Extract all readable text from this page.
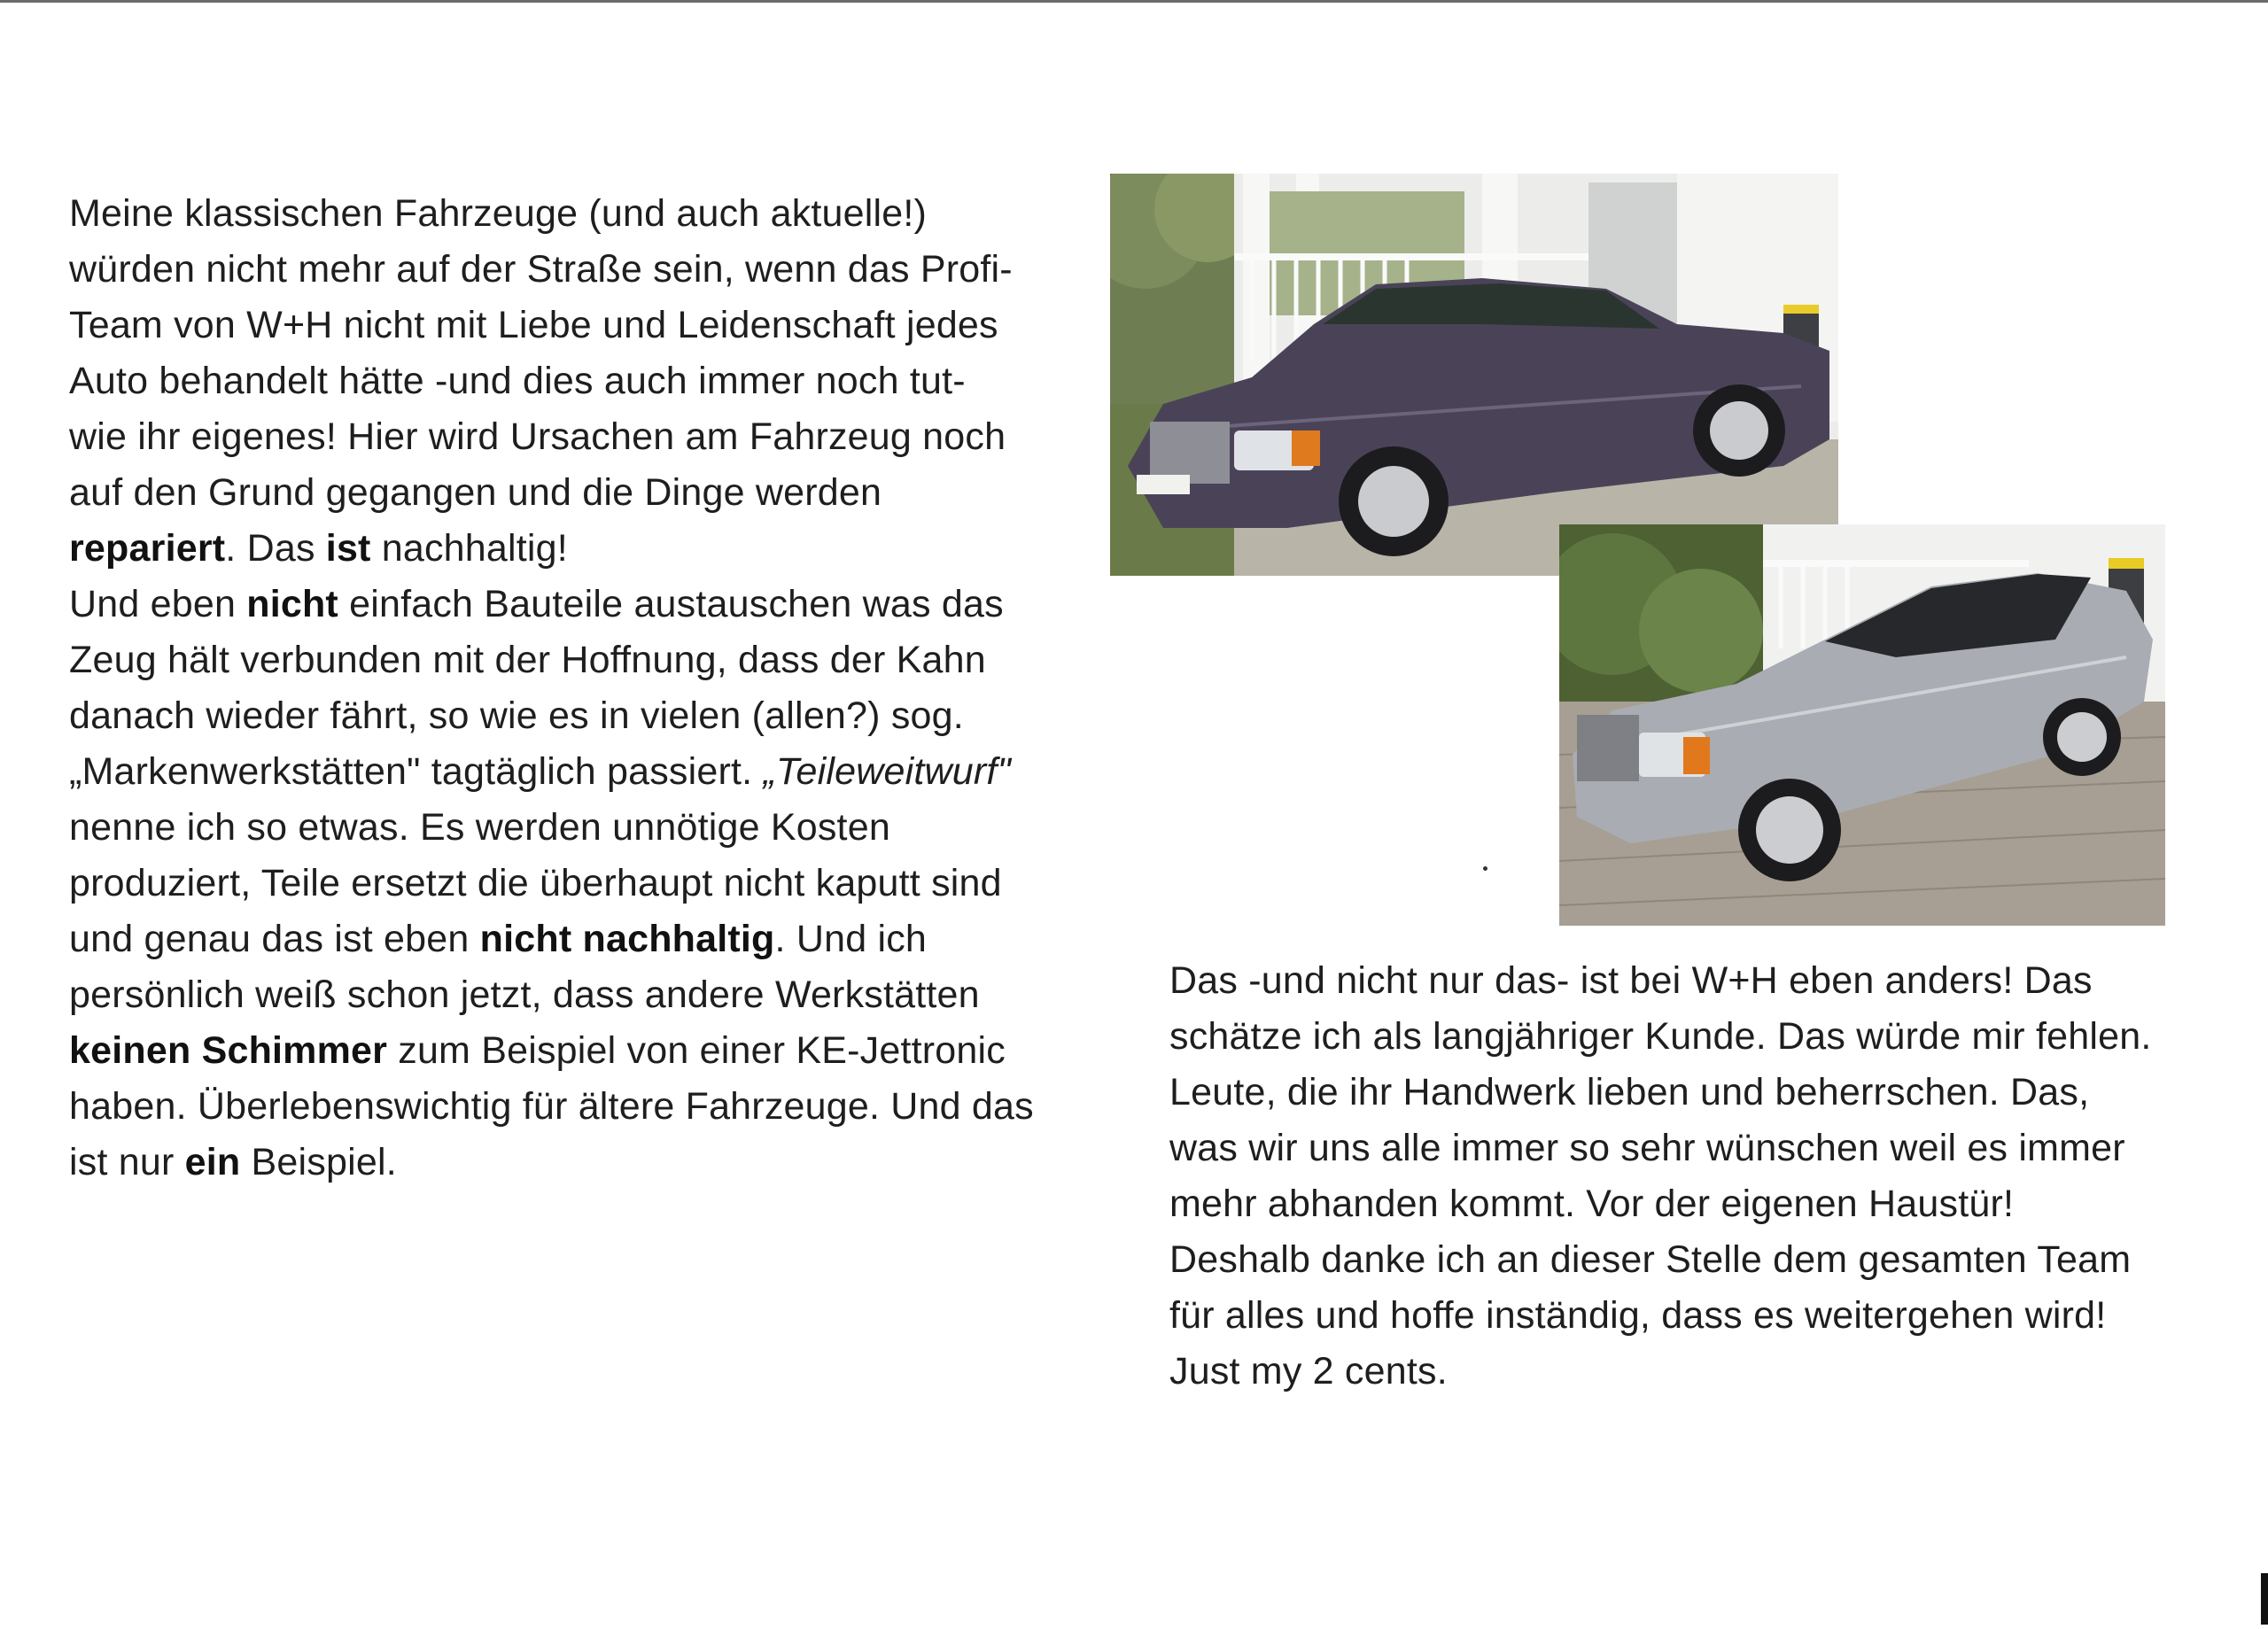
Meine klassischen Fahrzeuge (und auch aktuelle!)
würden nicht mehr auf der Straße sein, wenn das Profi-
Team von W+H nicht mit Liebe und Leidenschaft jedes
Auto behandelt hätte -und dies auch immer noch tut-
wie ihr eigenes! Hier wird Ursachen am Fahrzeug noch
auf den Grund gegangen und die Dinge werden
repariert. Das ist nachhaltig!
Und eben nicht einfach Bauteile austauschen was das
Zeug hält verbunden mit der Hoffnung, dass der Kahn
danach wieder fährt, so wie es in vielen (allen?) sog.
„Markenwerkstätten" tagtäglich passiert. „Teileweitwurf"
nenne ich so etwas. Es werden unnötige Kosten
produziert, Teile ersetzt die überhaupt nicht kaputt sind
und genau das ist eben nicht nachhaltig. Und ich
persönlich weiß schon jetzt, dass andere Werkstätten
keinen Schimmer zum Beispiel von einer KE-Jettronic
haben. Überlebenswichtig für ältere Fahrzeuge. Und das
ist nur ein Beispiel.
Das -und nicht nur das- ist bei W+H eben anders! Das
schätze ich als langjähriger Kunde. Das würde mir fehlen.
Leute, die ihr Handwerk lieben und beherrschen. Das,
was wir uns alle immer so sehr wünschen weil es immer
mehr abhanden kommt. Vor der eigenen Haustür!
Deshalb danke ich an dieser Stelle dem gesamten Team
für alles und hoffe inständig, dass es weitergehen wird!
Just my 2 cents.
